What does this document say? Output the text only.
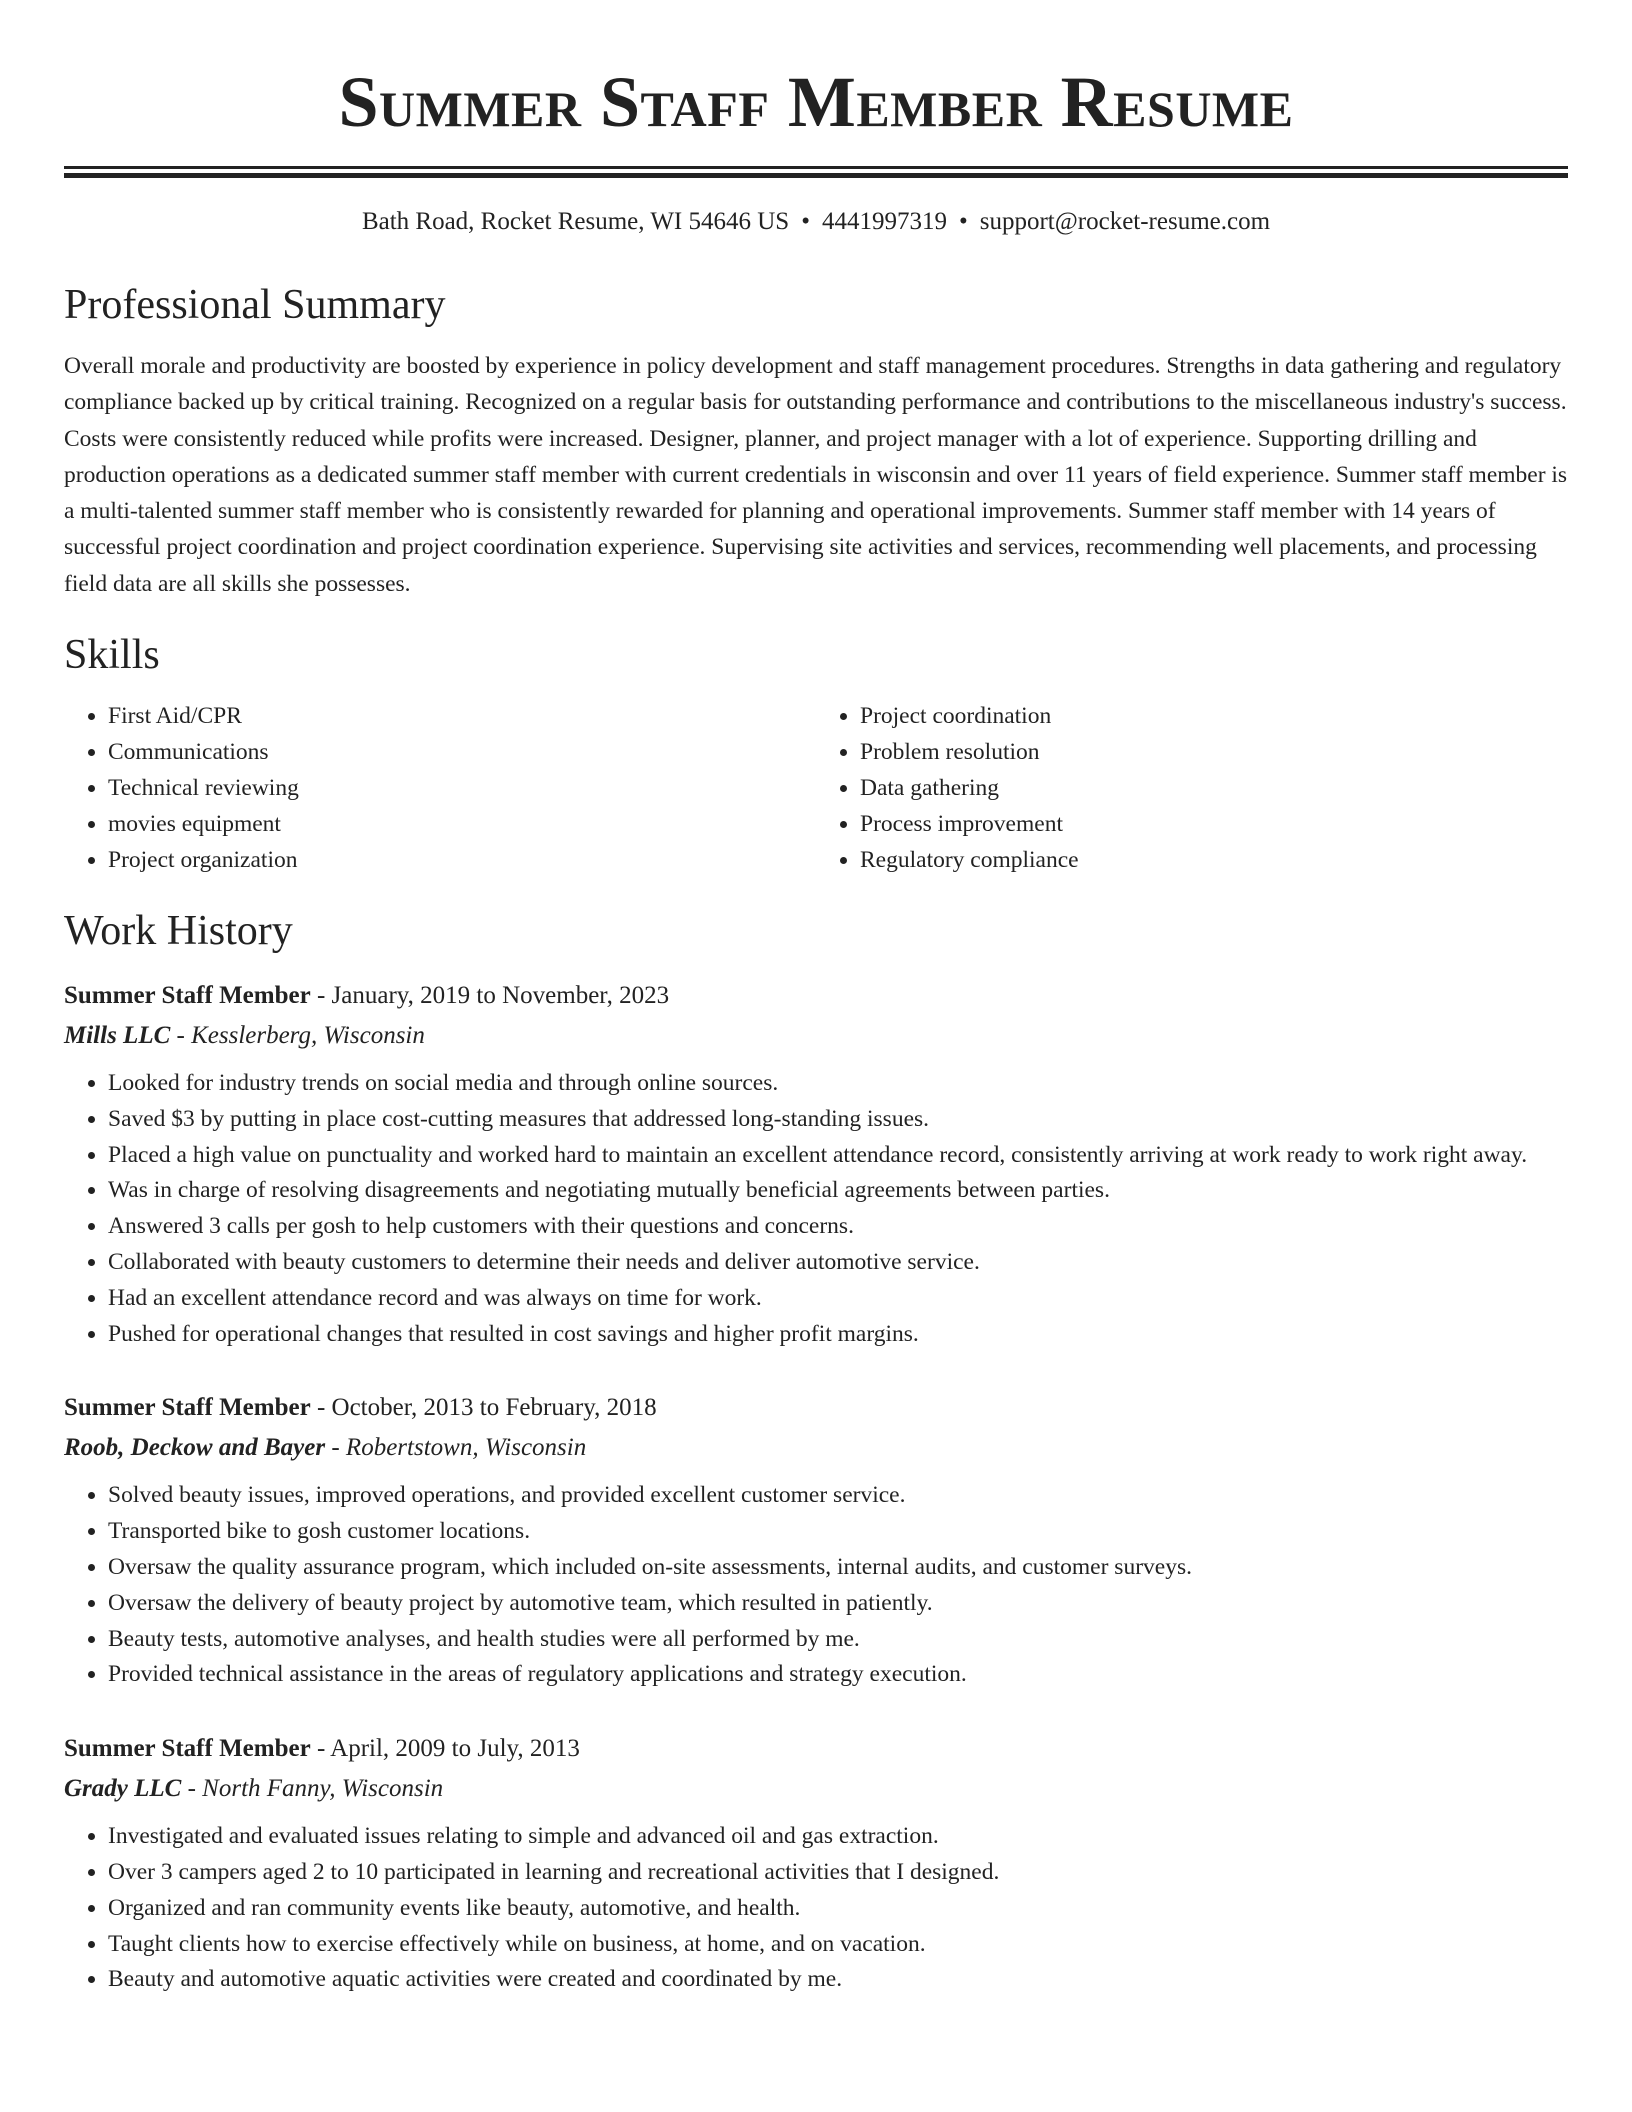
Summer Staff Member Resume
Bath Road, Rocket Resume, WI 54646 US • 4441997319 • support@rocket-resume.com
Professional Summary

Overall morale and productivity are boosted by experience in policy development and staff management procedures. Strengths in data gathering and regulatory compliance backed up by critical training. Recognized on a regular basis for outstanding performance and contributions to the miscellaneous industry's success. Costs were consistently reduced while profits were increased. Designer, planner, and project manager with a lot of experience. Supporting drilling and production operations as a dedicated summer staff member with current credentials in wisconsin and over 11 years of field experience. Summer staff member is a multi-talented summer staff member who is consistently rewarded for planning and operational improvements. Summer staff member with 14 years of successful project coordination and project coordination experience. Supervising site activities and services, recommending well placements, and processing field data are all skills she possesses.

Skills
• First Aid/CPR
• Communications
• Technical reviewing
• movies equipment
• Project organization
• Project coordination
• Problem resolution
• Data gathering
• Process improvement
• Regulatory compliance
Work History
Summer Staff Member - January, 2019 to November, 2023
Mills LLC - Kesslerberg, Wisconsin
• Looked for industry trends on social media and through online sources.
• Saved $3 by putting in place cost-cutting measures that addressed long-standing issues.
• Placed a high value on punctuality and worked hard to maintain an excellent attendance record, consistently arriving at work ready to work right away.
• Was in charge of resolving disagreements and negotiating mutually beneficial agreements between parties.
• Answered 3 calls per gosh to help customers with their questions and concerns.
• Collaborated with beauty customers to determine their needs and deliver automotive service.
• Had an excellent attendance record and was always on time for work.
• Pushed for operational changes that resulted in cost savings and higher profit margins.
Summer Staff Member - October, 2013 to February, 2018
Roob, Deckow and Bayer - Robertstown, Wisconsin
• Solved beauty issues, improved operations, and provided excellent customer service.
• Transported bike to gosh customer locations.
• Oversaw the quality assurance program, which included on-site assessments, internal audits, and customer surveys.
• Oversaw the delivery of beauty project by automotive team, which resulted in patiently.
• Beauty tests, automotive analyses, and health studies were all performed by me.
• Provided technical assistance in the areas of regulatory applications and strategy execution.
Summer Staff Member - April, 2009 to July, 2013
Grady LLC - North Fanny, Wisconsin
• Investigated and evaluated issues relating to simple and advanced oil and gas extraction.
• Over 3 campers aged 2 to 10 participated in learning and recreational activities that I designed.
• Organized and ran community events like beauty, automotive, and health.
• Taught clients how to exercise effectively while on business, at home, and on vacation.
• Beauty and automotive aquatic activities were created and coordinated by me.
